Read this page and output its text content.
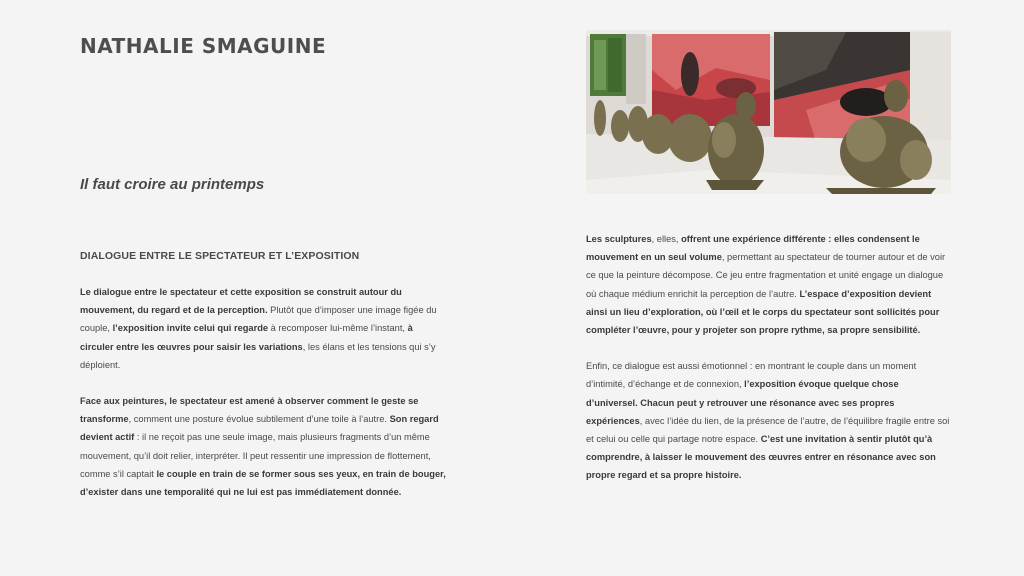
NATHALIE SMAGUINE
Il faut croire au printemps
DIALOGUE ENTRE LE SPECTATEUR ET L’EXPOSITION

Le dialogue entre le spectateur et cette exposition se construit autour du mouvement, du regard et de la perception. Plutôt que d’imposer une image figée du couple, l’exposition invite celui qui regarde à recomposer lui-même l’instant, à circuler entre les œuvres pour saisir les variations, les élans et les tensions qui s’y déploient.

Face aux peintures, le spectateur est amené à observer comment le geste se transforme, comment une posture évolue subtilement d’une toile à l’autre. Son regard devient actif : il ne reçoit pas une seule image, mais plusieurs fragments d’un même mouvement, qu’il doit relier, interpréter. Il peut ressentir une impression de flottement, comme s’il captait le couple en train de se former sous ses yeux, en train de bouger, d’exister dans une temporalité qui ne lui est pas immédiatement donnée.

Les sculptures, elles, offrent une expérience différente : elles condensent le mouvement en un seul volume, permettant au spectateur de tourner autour et de voir ce que la peinture décompose. Ce jeu entre fragmentation et unité engage un dialogue où chaque médium enrichit la perception de l’autre. L’espace d’exposition devient ainsi un lieu d’exploration, où l’œil et le corps du spectateur sont sollicités pour compléter l’œuvre, pour y projeter son propre rythme, sa propre sensibilité.

Enfin, ce dialogue est aussi émotionnel : en montrant le couple dans un moment d’intimité, d’échange et de connexion, l’exposition évoque quelque chose d’universel. Chacun peut y retrouver une résonance avec ses propres expériences, avec l’idée du lien, de la présence de l’autre, de l’équilibre fragile entre soi et celui ou celle qui partage notre espace. C’est une invitation à sentir plutôt qu’à comprendre, à laisser le mouvement des œuvres entrer en résonance avec son propre regard et sa propre histoire.
